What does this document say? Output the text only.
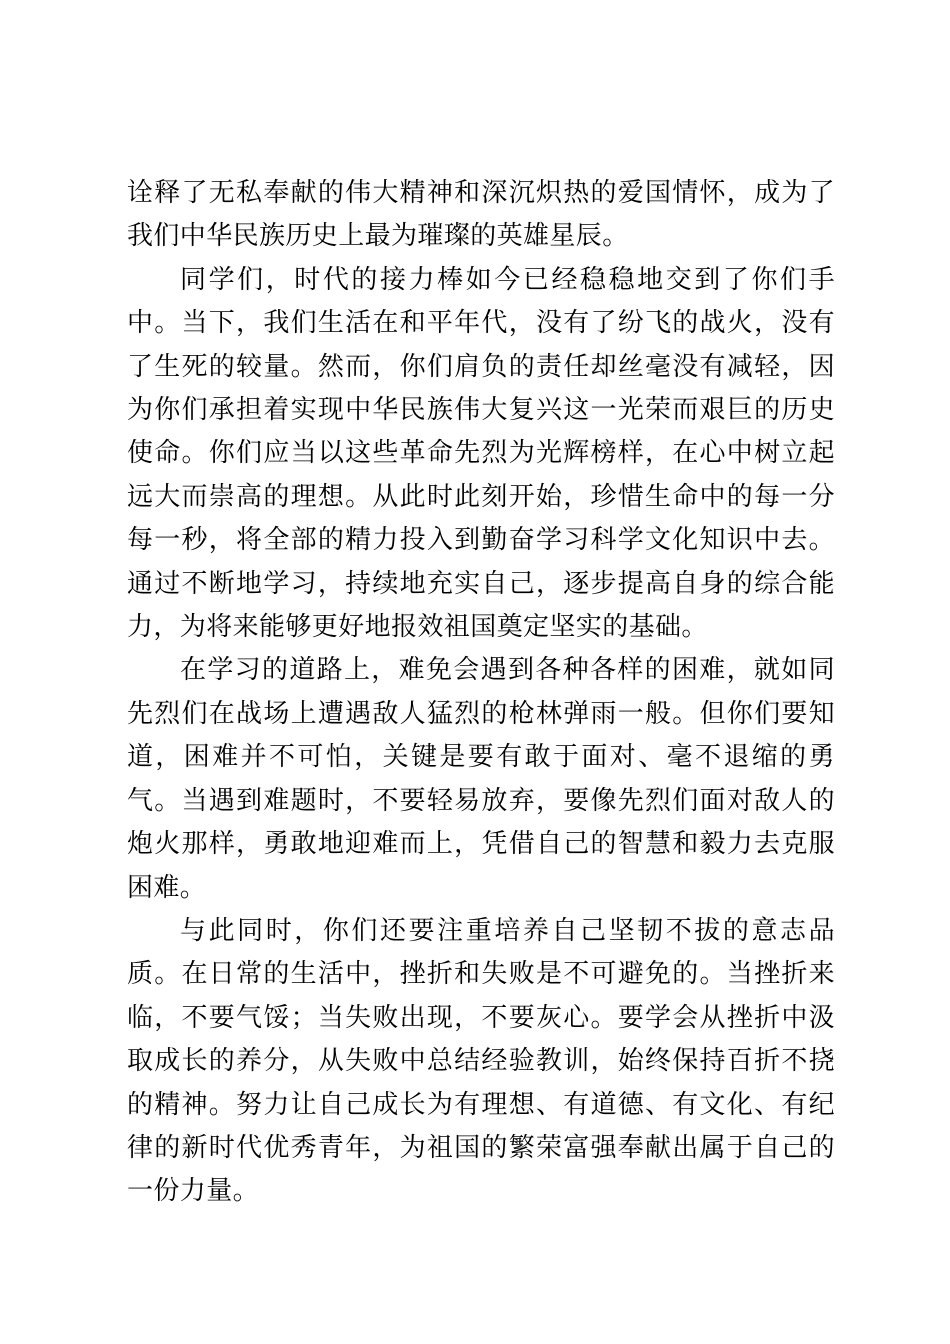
诠释了无私奉献的伟大精神和深沉炽热的爱国情怀，成为了我们中华民族历史上最为璀璨的英雄星辰。

同学们，时代的接力棒如今已经稳稳地交到了你们手中。当下，我们生活在和平年代，没有了纷飞的战火，没有了生死的较量。然而，你们肩负的责任却丝毫没有减轻，因为你们承担着实现中华民族伟大复兴这一光荣而艰巨的历史使命。你们应当以这些革命先烈为光辉榜样，在心中树立起远大而崇高的理想。从此时此刻开始，珍惜生命中的每一分每一秒，将全部的精力投入到勤奋学习科学文化知识中去。通过不断地学习，持续地充实自己，逐步提高自身的综合能力，为将来能够更好地报效祖国奠定坚实的基础。

在学习的道路上，难免会遇到各种各样的困难，就如同先烈们在战场上遭遇敌人猛烈的枪林弹雨一般。但你们要知道，困难并不可怕，关键是要有敢于面对、毫不退缩的勇气。当遇到难题时，不要轻易放弃，要像先烈们面对敌人的炮火那样，勇敢地迎难而上，凭借自己的智慧和毅力去克服困难。

与此同时，你们还要注重培养自己坚韧不拔的意志品质。在日常的生活中，挫折和失败是不可避免的。当挫折来临，不要气馁；当失败出现，不要灰心。要学会从挫折中汲取成长的养分，从失败中总结经验教训，始终保持百折不挠的精神。努力让自己成长为有理想、有道德、有文化、有纪律的新时代优秀青年，为祖国的繁荣富强奉献出属于自己的一份力量。
